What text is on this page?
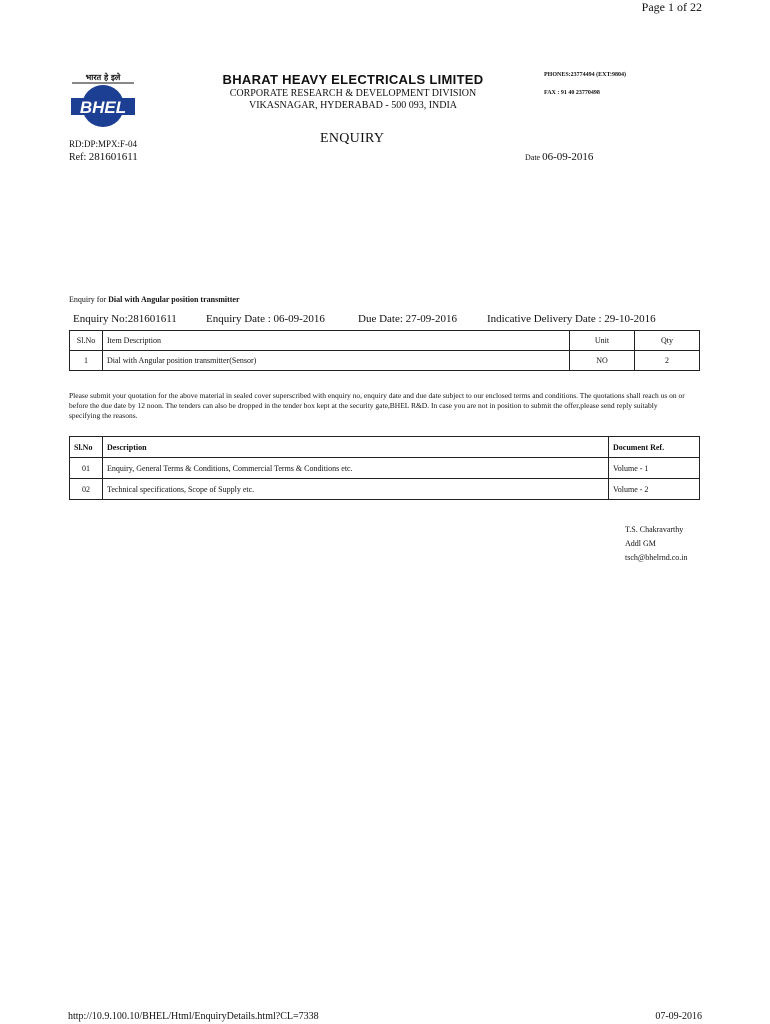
Page 1 of 22
भारत हे इले
BHEL
BHARAT HEAVY ELECTRICALS LIMITED
CORPORATE RESEARCH & DEVELOPMENT DIVISION
VIKASNAGAR, HYDERABAD - 500 093, INDIA
PHONES:23774494 (EXT:9804)
FAX : 91 40 23770498
RD:DP:MPX:F-04	ENQUIRY
Ref: 281601611	Date 06-09-2016
Enquiry for Dial with Angular position transmitter
Enquiry No:281601611	Enquiry Date : 06-09-2016	Due Date: 27-09-2016	Indicative Delivery Date : 29-10-2016
Sl.No	Item Description	Unit	Qty
1	Dial with Angular position transmitter(Sensor)	NO	2
Please submit your quotation for the above material in sealed cover superscribed with enquiry no, enquiry date and due date subject to our enclosed terms and conditions. The quotations shall reach us on or before the due date by 12 noon. The tenders can also be dropped in the tender box kept at the security gate,BHEL R&D. In case you are not in position to submit the offer,please send reply suitably specifying the reasons.
Sl.No	Description	Document Ref.
01	Enquiry, General Terms & Conditions, Commercial Terms & Conditions etc.	Volume - 1
02	Technical specifications, Scope of Supply etc.	Volume - 2
T.S. Chakravarthy
Addl GM
tsch@bhelrnd.co.in
http://10.9.100.10/BHEL/Html/EnquiryDetails.html?CL=7338	07-09-2016
